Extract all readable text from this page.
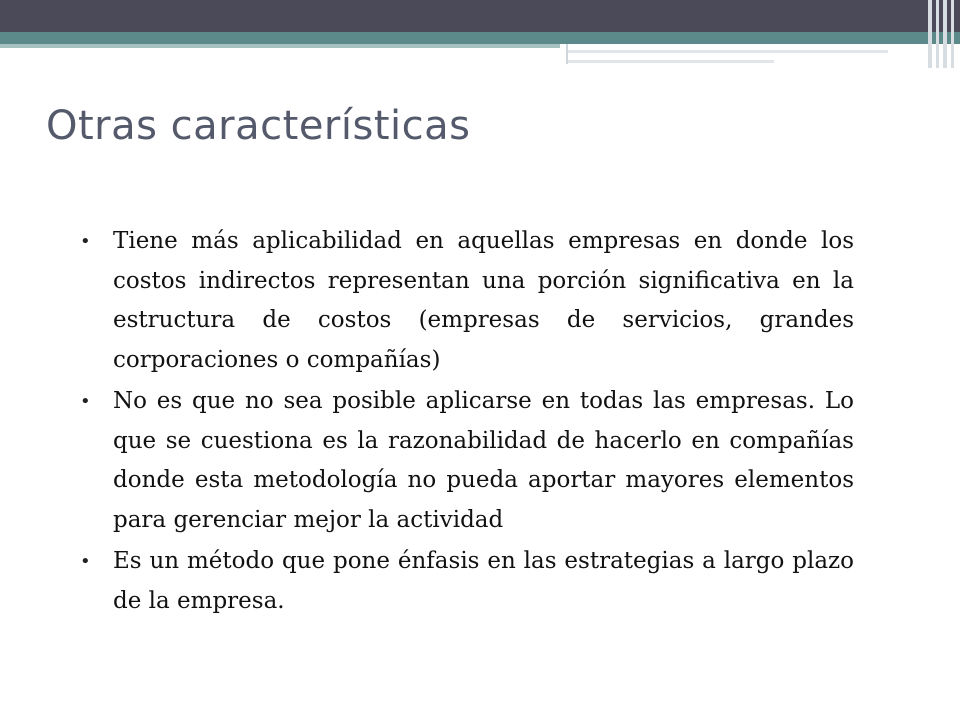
Otras características
• Tiene más aplicabilidad en aquellas empresas en donde los costos indirectos representan una porción significativa en la estructura de costos (empresas de servicios, grandes corporaciones o compañías)
• No es que no sea posible aplicarse en todas las empresas. Lo que se cuestiona es la razonabilidad de hacerlo en compañías donde esta metodología no pueda aportar mayores elementos para gerenciar mejor la actividad
• Es un método que pone énfasis en las estrategias a largo plazo de la empresa.
